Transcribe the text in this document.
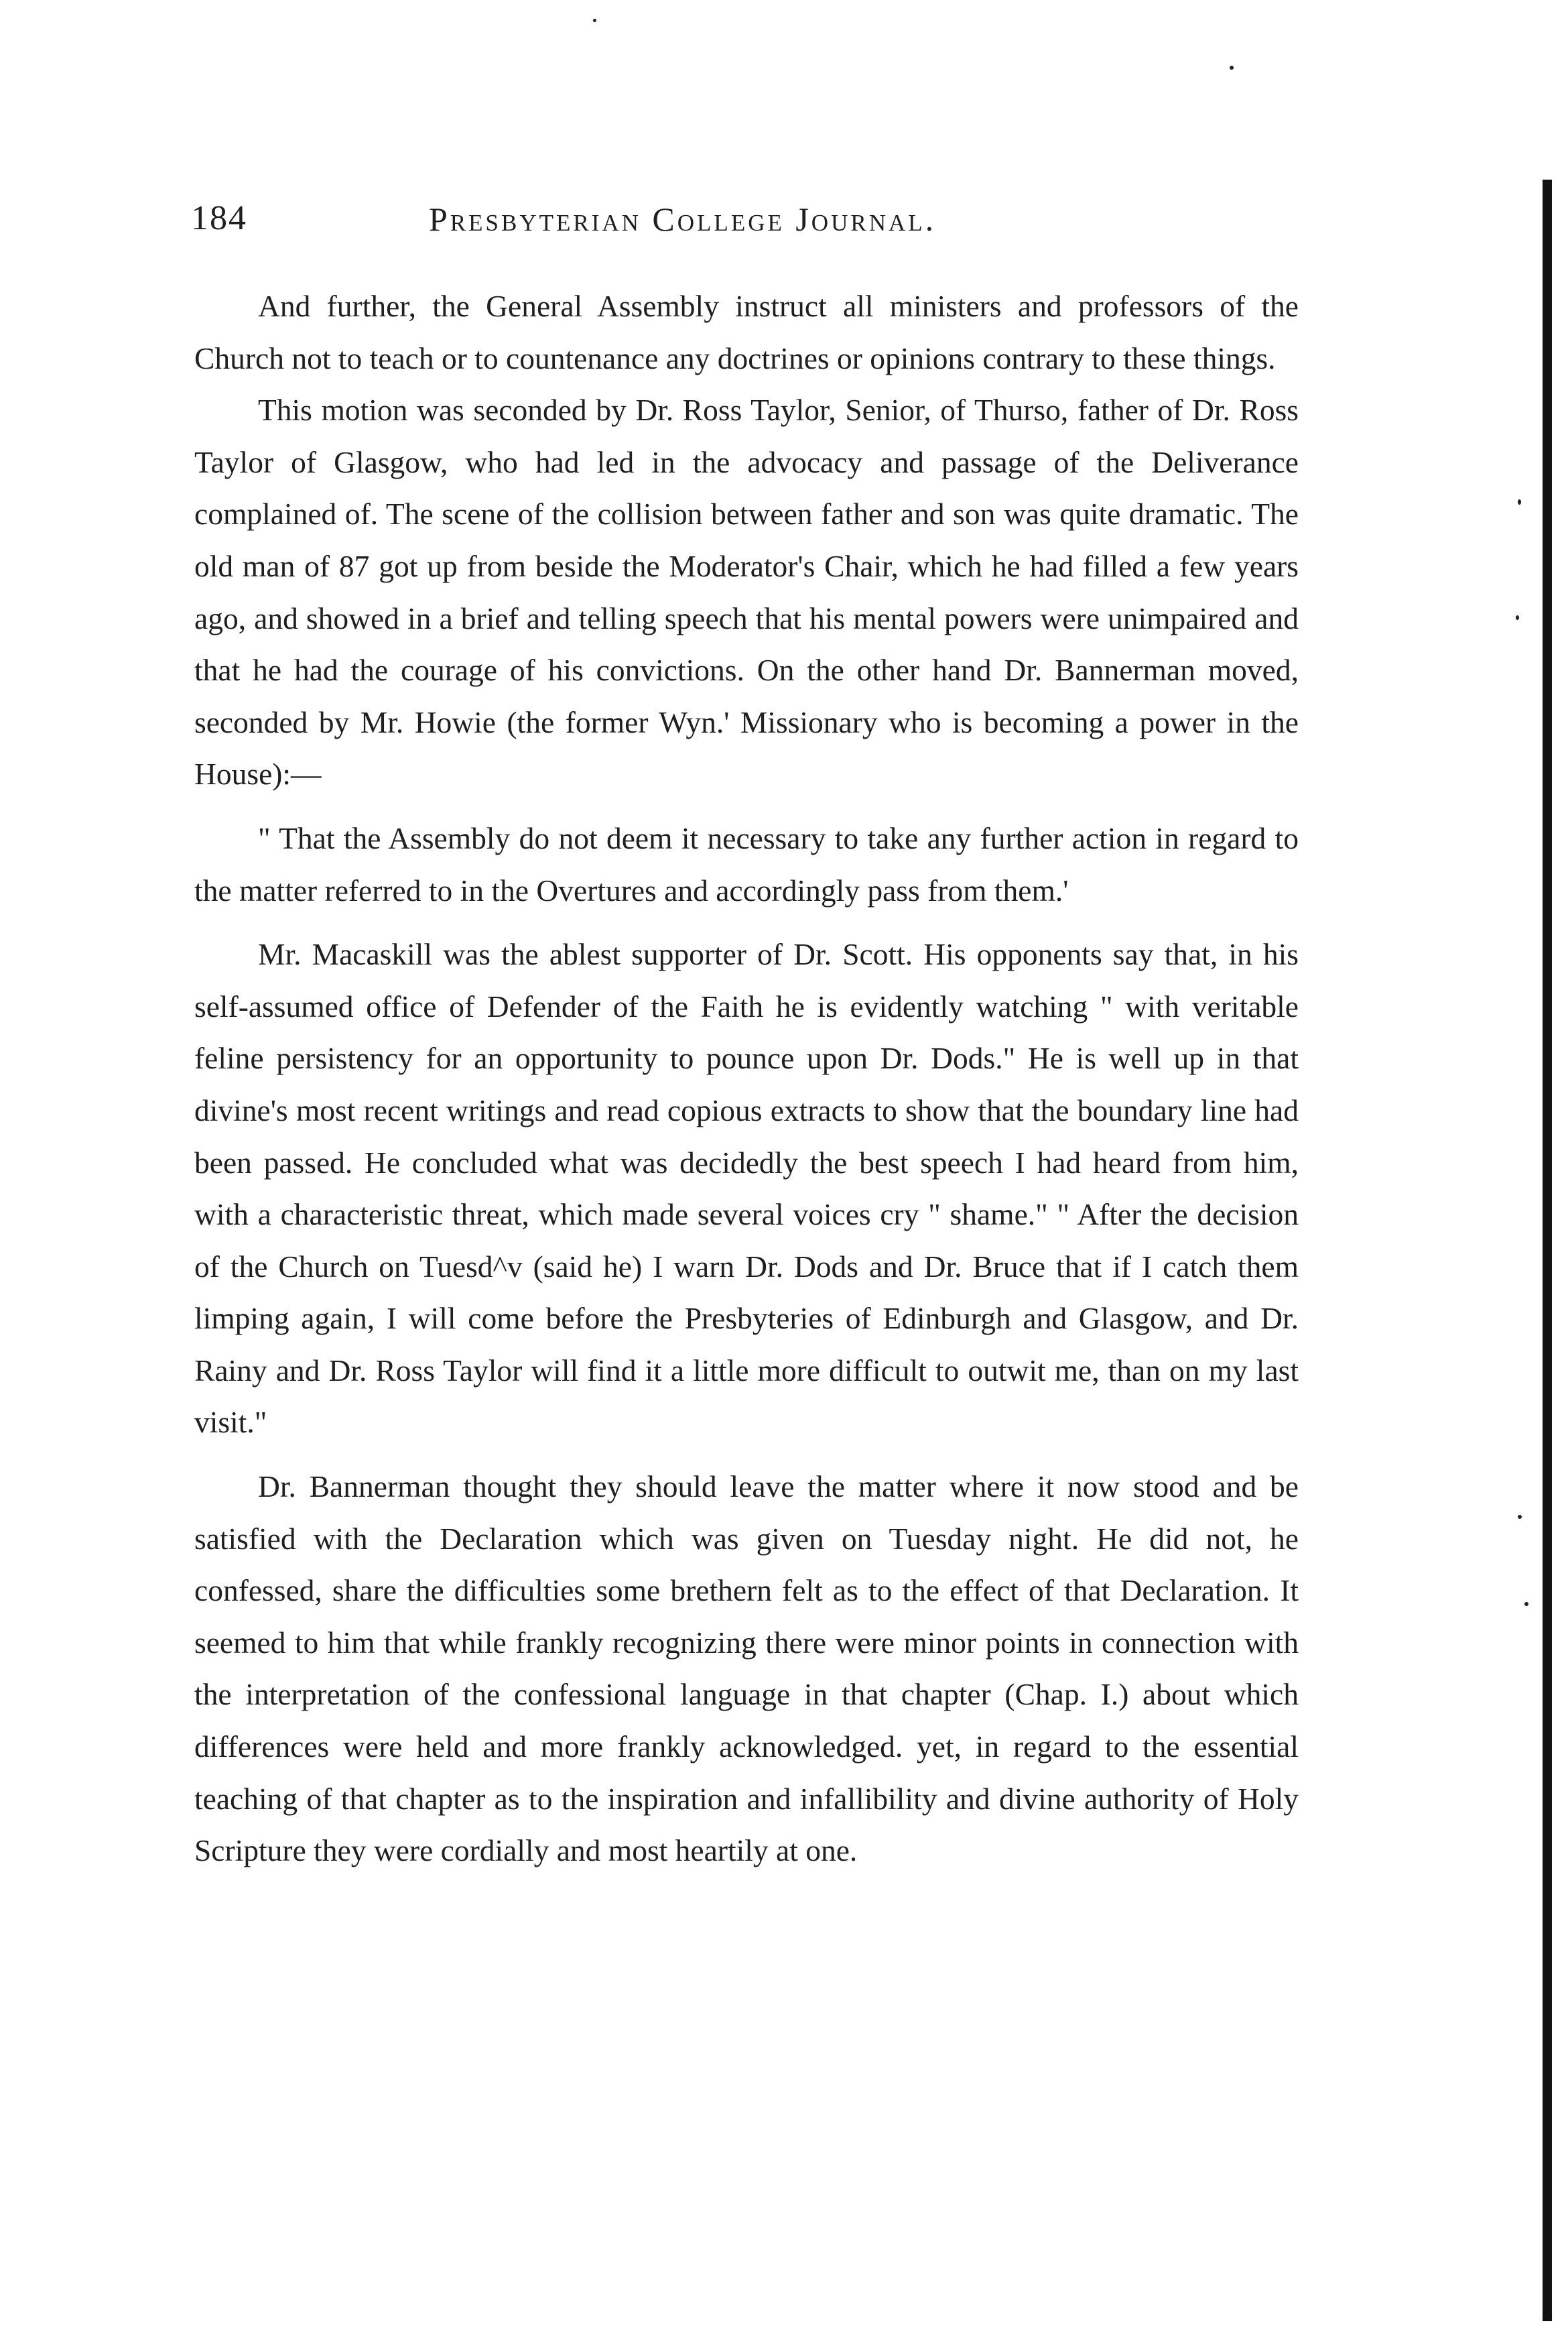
184	Presbyterian College Journal.

And further, the General Assembly instruct all ministers and professors of the Church not to teach or to countenance any doctrines or opinions contrary to these things.

This motion was seconded by Dr. Ross Taylor, Senior, of Thurso, father of Dr. Ross Taylor of Glasgow, who had led in the advocacy and passage of the Deliverance complained of. The scene of the collision between father and son was quite dramatic. The old man of 87 got up from beside the Moderator's Chair, which he had filled a few years ago, and showed in a brief and telling speech that his mental powers were unimpaired and that he had the courage of his convictions. On the other hand Dr. Bannerman moved, seconded by Mr. Howie (the former Wyn.' Missionary who is becoming a power in the House):—

" That the Assembly do not deem it necessary to take any further action in regard to the matter referred to in the Overtures and accordingly pass from them.'

Mr. Macaskill was the ablest supporter of Dr. Scott. His opponents say that, in his self-assumed office of Defender of the Faith he is evidently watching " with veritable feline persistency for an opportunity to pounce upon Dr. Dods." He is well up in that divine's most recent writings and read copious extracts to show that the boundary line had been passed. He concluded what was decidedly the best speech I had heard from him, with a characteristic threat, which made several voices cry " shame." " After the decision of the Church on Tuesd^v (said he) I warn Dr. Dods and Dr. Bruce that if I catch them limping again, I will come before the Presbyteries of Edinburgh and Glasgow, and Dr. Rainy and Dr. Ross Taylor will find it a little more difficult to outwit me, than on my last visit."

Dr. Bannerman thought they should leave the matter where it now stood and be satisfied with the Declaration which was given on Tuesday night. He did not, he confessed, share the difficulties some brethern felt as to the effect of that Declaration. It seemed to him that while frankly recognizing there were minor points in connection with the interpretation of the confessional language in that chapter (Chap. I.) about which differences were held and more frankly acknowledged. yet, in regard to the essential teaching of that chapter as to the inspiration and infallibility and divine authority of Holy Scripture they were cordially and most heartily at one.
